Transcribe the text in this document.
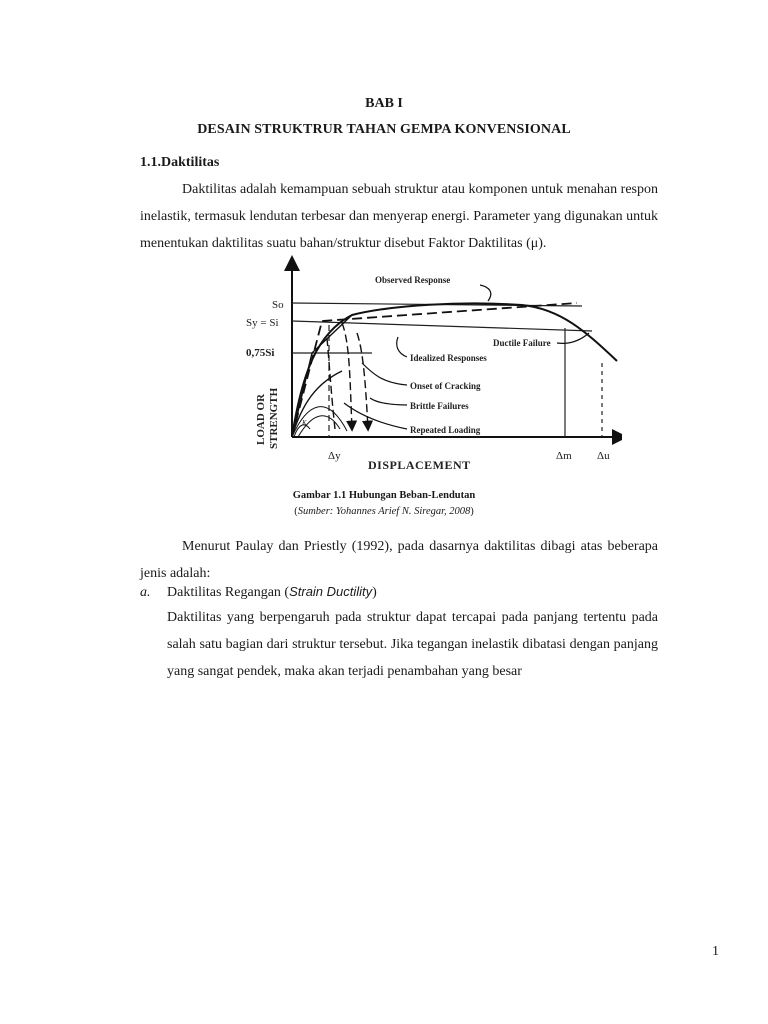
BAB I
DESAIN STRUKTRUR TAHAN GEMPA KONVENSIONAL
1.1.Daktilitas
Daktilitas adalah kemampuan sebuah struktur atau komponen untuk menahan respon inelastik, termasuk lendutan terbesar dan menyerap energi. Parameter yang digunakan untuk menentukan daktilitas suatu bahan/struktur disebut Faktor Daktilitas (μ).
Observed Response
Ductile Failure
Idealized Responses
Onset of Cracking
Brittle Failures
Repeated Loading
So
Sy = Si
0,75Si
Δy	Δm Δu
K
DISPLACEMENT
LOAD OR STRENGTH
Gambar 1.1 Hubungan Beban-Lendutan
(Sumber: Yohannes Arief N. Siregar, 2008)
Menurut Paulay dan Priestly (1992), pada dasarnya daktilitas dibagi atas beberapa jenis adalah:
a. Daktilitas Regangan (Strain Ductility)
Daktilitas yang berpengaruh pada struktur dapat tercapai pada panjang tertentu pada salah satu bagian dari struktur tersebut. Jika tegangan inelastik dibatasi dengan panjang yang sangat pendek, maka akan terjadi penambahan yang besar
1
